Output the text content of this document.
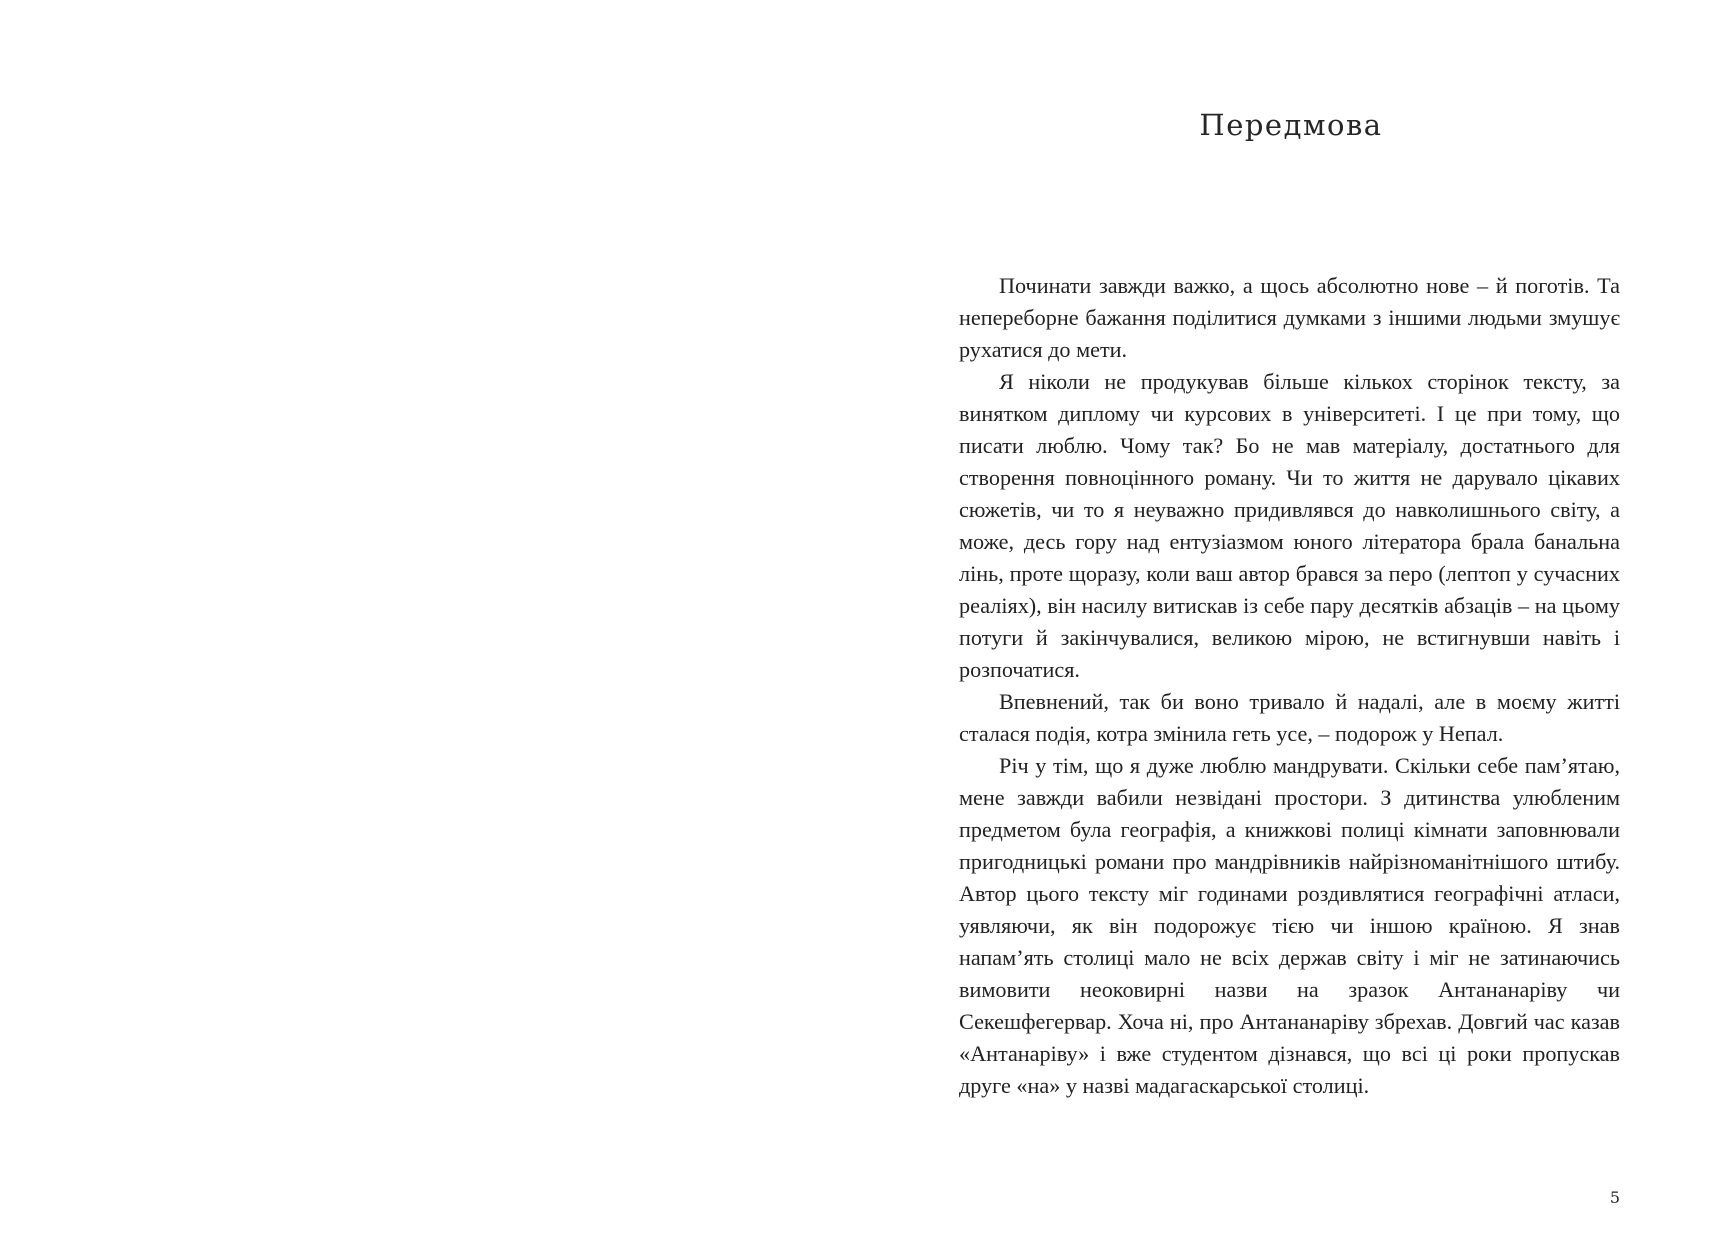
Передмова

Починати завжди важко, а щось абсолютно нове – й поготів. Та непереборне бажання поділитися думками з іншими людьми змушує рухатися до мети.

Я ніколи не продукував більше кількох сторінок тексту, за винятком диплому чи курсових в університеті. І це при тому, що писати люблю. Чому так? Бо не мав матеріалу, достатнього для створення повноцінного роману. Чи то життя не дарувало цікавих сюжетів, чи то я неуважно придивлявся до навколишнього світу, а може, десь гору над ентузіазмом юного літератора брала банальна лінь, проте щоразу, коли ваш автор брався за перо (лептоп у сучасних реаліях), він насилу витискав із себе пару десятків абзаців – на цьому потуги й закінчувалися, великою мірою, не встигнувши навіть і розпочатися.

Впевнений, так би воно тривало й надалі, але в моєму житті сталася подія, котра змінила геть усе, – подорож у Непал.

Річ у тім, що я дуже люблю мандрувати. Скільки себе пам’ятаю, мене завжди вабили незвідані простори. З дитинства улюбленим предметом була географія, а книжкові полиці кімнати заповнювали пригодницькі романи про мандрівників найрізноманітнішого штибу. Автор цього тексту міг годинами роздивлятися географічні атласи, уявляючи, як він подорожує тією чи іншою країною. Я знав напам’ять столиці мало не всіх держав світу і міг не затинаючись вимовити неоковирні назви на зразок Антананаріву чи Секешфегервар. Хоча ні, про Антананаріву збрехав. Довгий час казав «Антанаріву» і вже студентом дізнався, що всі ці роки пропускав друге «на» у назві мадагаскарської столиці.

5
